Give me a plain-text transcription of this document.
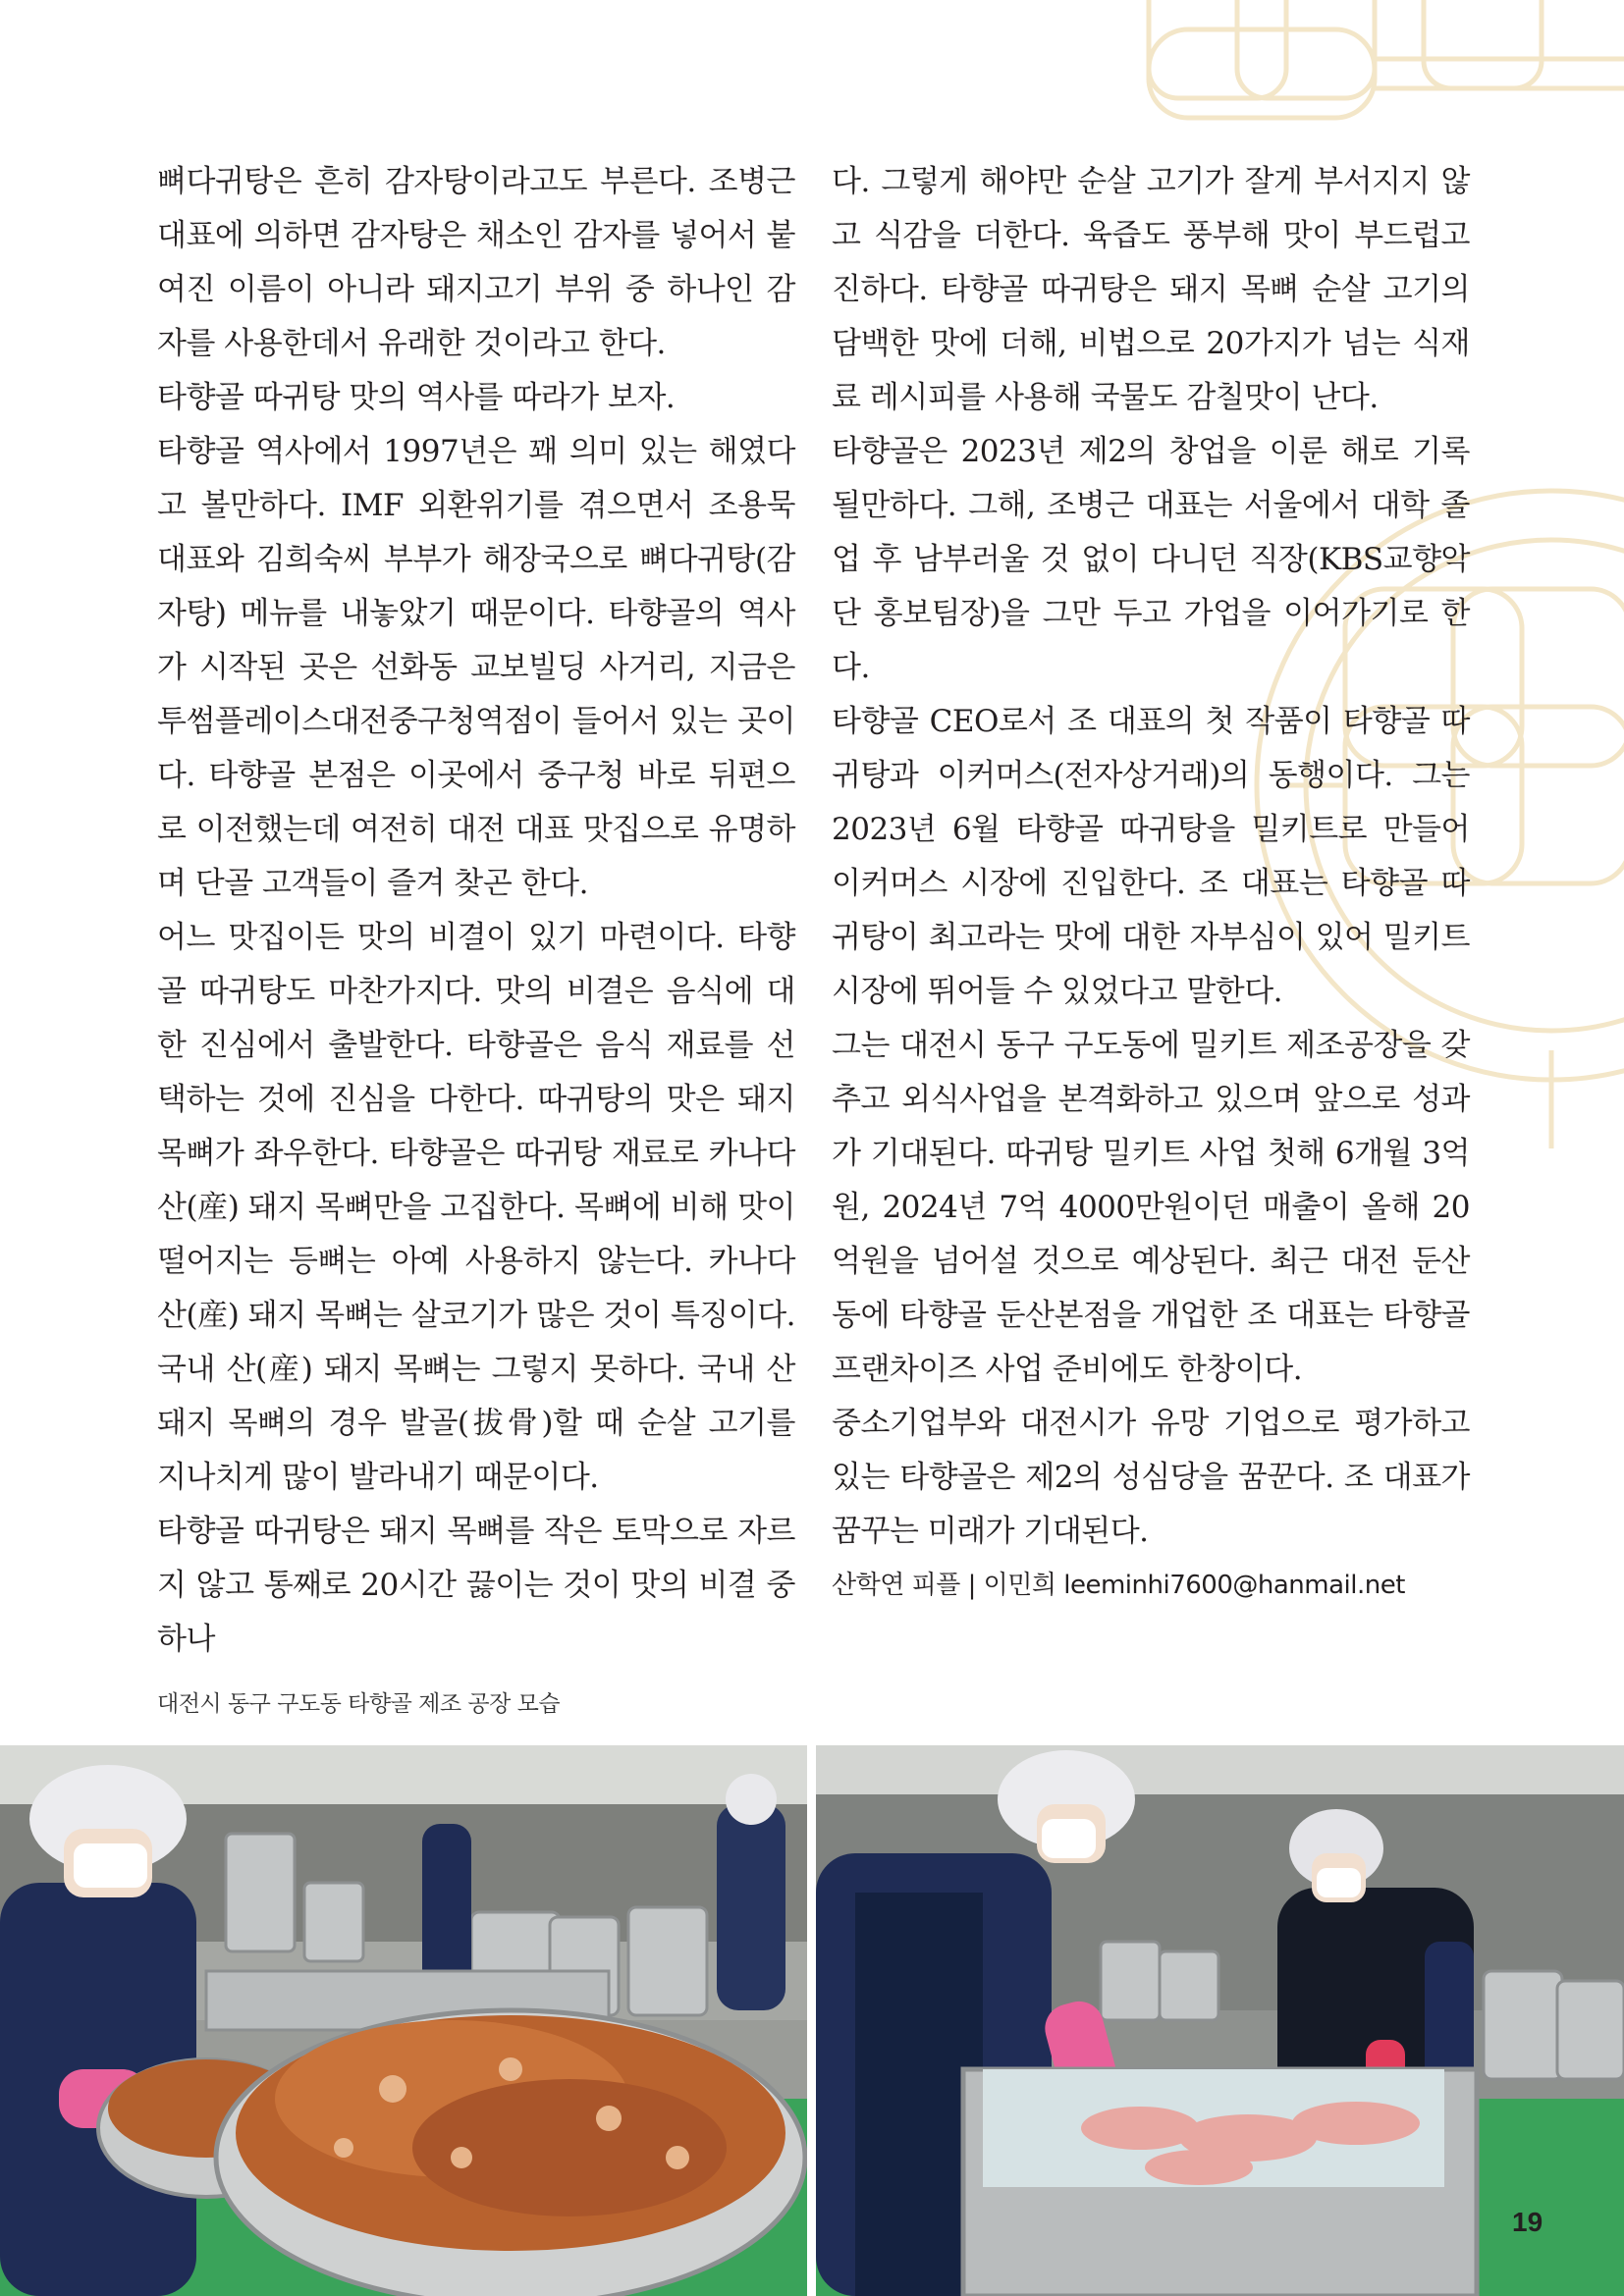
뼈다귀탕은 흔히 감자탕이라고도 부른다. 조병근 대표에 의하면 감자탕은 채소인 감자를 넣어서 붙여진 이름이 아니라 돼지고기 부위 중 하나인 감자를 사용한데서 유래한 것이라고 한다.

타향골 따귀탕 맛의 역사를 따라가 보자.

타향골 역사에서 1997년은 꽤 의미 있는 해였다고 볼만하다. IMF 외환위기를 겪으면서 조용묵 대표와 김희숙씨 부부가 해장국으로 뼈다귀탕(감자탕) 메뉴를 내놓았기 때문이다. 타향골의 역사가 시작된 곳은 선화동 교보빌딩 사거리, 지금은 투썸플레이스대전중구청역점이 들어서 있는 곳이다. 타향골 본점은 이곳에서 중구청 바로 뒤편으로 이전했는데 여전히 대전 대표 맛집으로 유명하며 단골 고객들이 즐겨 찾곤 한다.

어느 맛집이든 맛의 비결이 있기 마련이다. 타향골 따귀탕도 마찬가지다. 맛의 비결은 음식에 대한 진심에서 출발한다. 타향골은 음식 재료를 선택하는 것에 진심을 다한다. 따귀탕의 맛은 돼지 목뼈가 좌우한다. 타향골은 따귀탕 재료로 카나다 산(産) 돼지 목뼈만을 고집한다. 목뼈에 비해 맛이 떨어지는 등뼈는 아예 사용하지 않는다. 카나다 산(産) 돼지 목뼈는 살코기가 많은 것이 특징이다. 국내 산(産) 돼지 목뼈는 그렇지 못하다. 국내 산 돼지 목뼈의 경우 발골(拔骨)할 때 순살 고기를 지나치게 많이 발라내기 때문이다.

타향골 따귀탕은 돼지 목뼈를 작은 토막으로 자르지 않고 통째로 20시간 끓이는 것이 맛의 비결 중 하나

다. 그렇게 해야만 순살 고기가 잘게 부서지지 않고 식감을 더한다. 육즙도 풍부해 맛이 부드럽고 진하다. 타향골 따귀탕은 돼지 목뼈 순살 고기의 담백한 맛에 더해, 비법으로 20가지가 넘는 식재료 레시피를 사용해 국물도 감칠맛이 난다.

타향골은 2023년 제2의 창업을 이룬 해로 기록될만하다. 그해, 조병근 대표는 서울에서 대학 졸업 후 남부러울 것 없이 다니던 직장(KBS교향악단 홍보팀장)을 그만 두고 가업을 이어가기로 한다.

타향골 CEO로서 조 대표의 첫 작품이 타향골 따귀탕과 이커머스(전자상거래)의 동행이다. 그는 2023년 6월 타향골 따귀탕을 밀키트로 만들어 이커머스 시장에 진입한다. 조 대표는 타향골 따귀탕이 최고라는 맛에 대한 자부심이 있어 밀키트 시장에 뛰어들 수 있었다고 말한다.

그는 대전시 동구 구도동에 밀키트 제조공장을 갖추고 외식사업을 본격화하고 있으며 앞으로 성과가 기대된다. 따귀탕 밀키트 사업 첫해 6개월 3억원, 2024년 7억 4000만원이던 매출이 올해 20억원을 넘어설 것으로 예상된다. 최근 대전 둔산동에 타향골 둔산본점을 개업한 조 대표는 타향골 프랜차이즈 사업 준비에도 한창이다.

중소기업부와 대전시가 유망 기업으로 평가하고 있는 타향골은 제2의 성심당을 꿈꾼다. 조 대표가 꿈꾸는 미래가 기대된다.

산학연 피플 | 이민희 leeminhi7600@hanmail.net

대전시 동구 구도동 타향골 제조 공장 모습
19
